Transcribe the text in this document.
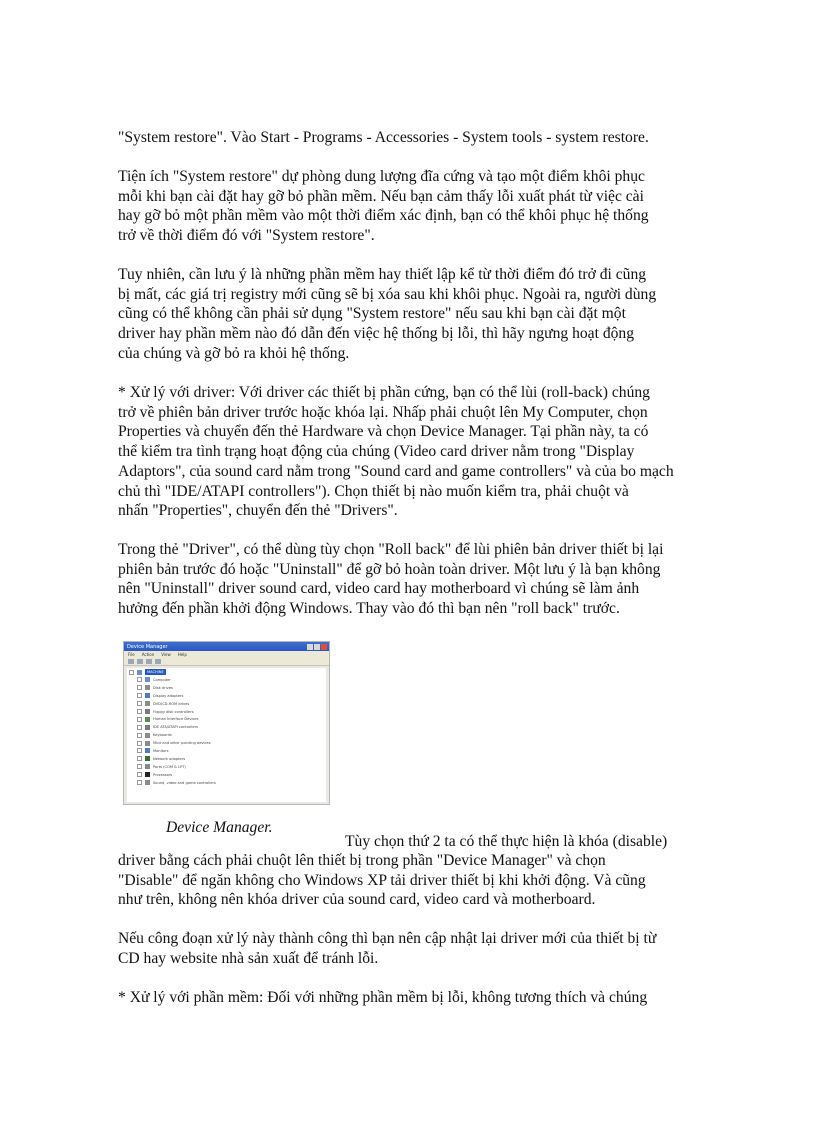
"System restore". Vào Start - Programs - Accessories - System tools - system restore.

Tiện ích "System restore" dự phòng dung lượng đĩa cứng và tạo một điểm khôi phục
mỗi khi bạn cài đặt hay gỡ bỏ phần mềm. Nếu bạn cảm thấy lỗi xuất phát từ việc cài
hay gỡ bỏ một phần mềm vào một thời điểm xác định, bạn có thể khôi phục hệ thống
trở về thời điểm đó với "System restore".

Tuy nhiên, cần lưu ý là những phần mềm hay thiết lập kể từ thời điểm đó trở đi cũng
bị mất, các giá trị registry mới cũng sẽ bị xóa sau khi khôi phục. Ngoài ra, người dùng
cũng có thể không cần phải sử dụng "System restore" nếu sau khi bạn cài đặt một
driver hay phần mềm nào đó dẫn đến việc hệ thống bị lỗi, thì hãy ngưng hoạt động
của chúng và gỡ bỏ ra khỏi hệ thống.

* Xử lý với driver: Với driver các thiết bị phần cứng, bạn có thể lùi (roll-back) chúng
trở về phiên bản driver trước hoặc khóa lại. Nhấp phải chuột lên My Computer, chọn
Properties và chuyển đến thẻ Hardware và chọn Device Manager. Tại phần này, ta có
thể kiểm tra tình trạng hoạt động của chúng (Video card driver nằm trong "Display
Adaptors", của sound card nằm trong "Sound card and game controllers" và của bo mạch
chủ thì "IDE/ATAPI controllers"). Chọn thiết bị nào muốn kiểm tra, phải chuột và
nhấn "Properties", chuyển đến thẻ "Drivers".

Trong thẻ "Driver", có thể dùng tùy chọn "Roll back" để lùi phiên bản driver thiết bị lại
phiên bản trước đó hoặc "Uninstall" để gỡ bỏ hoàn toàn driver. Một lưu ý là bạn không
nên "Uninstall" driver sound card, video card hay motherboard vì chúng sẽ làm ảnh
hưởng đến phần khởi động Windows. Thay vào đó thì bạn nên "roll back" trước.

Device Manager
File Action View Help
MACHINE
Computer
Disk drives
Display adapters
DVD/CD-ROM drives
Floppy disk controllers
Human Interface Devices
IDE ATA/ATAPI controllers
Keyboards
Mice and other pointing devices
Monitors
Network adapters
Ports (COM & LPT)
Processors
Sound, video and game controllers

Device Manager.

Tùy chọn thứ 2 ta có thể thực hiện là khóa (disable)

driver bằng cách phải chuột lên thiết bị trong phần "Device Manager" và chọn
"Disable" để ngăn không cho Windows XP tải driver thiết bị khi khởi động. Và cũng
như trên, không nên khóa driver của sound card, video card và motherboard.

Nếu công đoạn xử lý này thành công thì bạn nên cập nhật lại driver mới của thiết bị từ
CD hay website nhà sản xuất để tránh lỗi.

* Xử lý với phần mềm: Đối với những phần mềm bị lỗi, không tương thích và chúng
